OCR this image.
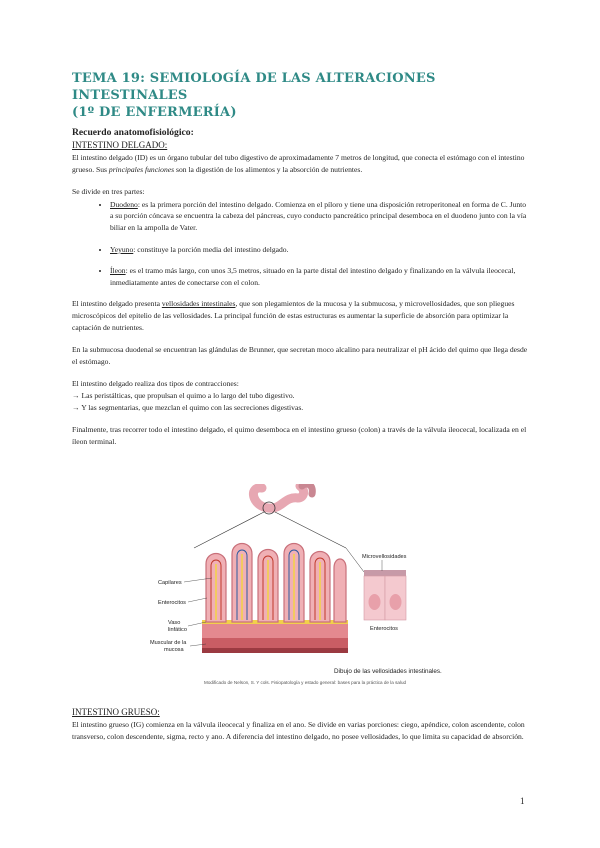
TEMA 19: SEMIOLOGÍA DE LAS ALTERACIONES INTESTINALES
(1º DE ENFERMERÍA)
Recuerdo anatomofisiológico:
INTESTINO DELGADO:

El intestino delgado (ID) es un órgano tubular del tubo digestivo de aproximadamente 7 metros de longitud, que conecta el estómago con el intestino grueso. Sus principales funciones son la digestión de los alimentos y la absorción de nutrientes.

Se divide en tres partes:

• Duodeno: es la primera porción del intestino delgado. Comienza en el píloro y tiene una disposición retroperitoneal en forma de C. Junto a su porción cóncava se encuentra la cabeza del páncreas, cuyo conducto pancreático principal desemboca en el duodeno junto con la vía biliar en la ampolla de Vater.
• Yeyuno: constituye la porción media del intestino delgado.
• Íleon: es el tramo más largo, con unos 3,5 metros, situado en la parte distal del intestino delgado y finalizando en la válvula ileocecal, inmediatamente antes de conectarse con el colon.

El intestino delgado presenta vellosidades intestinales, que son plegamientos de la mucosa y la submucosa, y microvellosidades, que son pliegues microscópicos del epitelio de las vellosidades. La principal función de estas estructuras es aumentar la superficie de absorción para optimizar la captación de nutrientes.

En la submucosa duodenal se encuentran las glándulas de Brunner, que secretan moco alcalino para neutralizar el pH ácido del quimo que llega desde el estómago.

El intestino delgado realiza dos tipos de contracciones:
→ Las peristálticas, que propulsan el quimo a lo largo del tubo digestivo.
→ Y las segmentarias, que mezclan el quimo con las secreciones digestivas.

Finalmente, tras recorrer todo el intestino delgado, el quimo desemboca en el intestino grueso (colon) a través de la válvula ileocecal, localizada en el íleon terminal.

Capilares
Enterocitos
Vaso
linfático
Muscular de la
mucosa
Microvellosidades
Enterocitos
Dibujo de las vellosidades intestinales.
Modificado de Nelson, S. Y cols. Fisiopatología y estado general: bases para la práctica de la salud
INTESTINO GRUESO:

El intestino grueso (IG) comienza en la válvula ileocecal y finaliza en el ano. Se divide en varias porciones: ciego, apéndice, colon ascendente, colon transverso, colon descendente, sigma, recto y ano. A diferencia del intestino delgado, no posee vellosidades, lo que limita su capacidad de absorción.

1
